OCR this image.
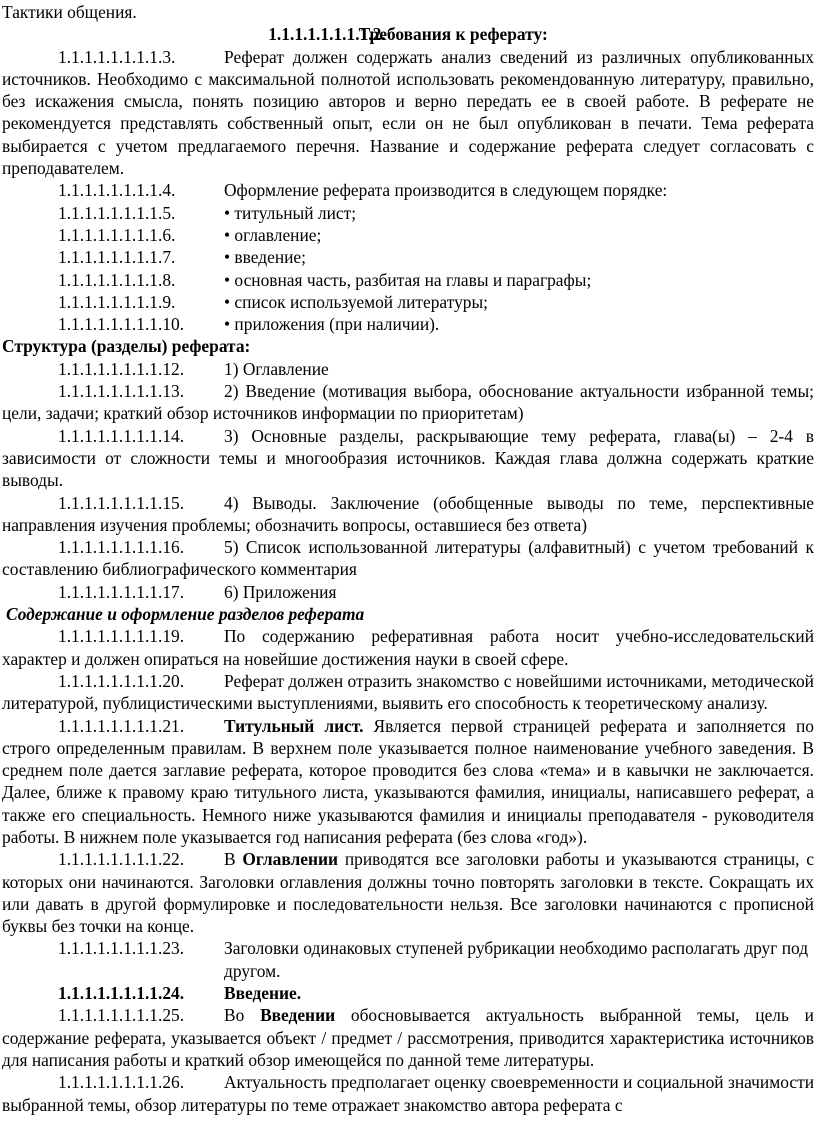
Тактики общения.

1.1.1.1.1.1.1.1.2. Требования к реферату:

1.1.1.1.1.1.1.1.3.	Реферат должен содержать анализ сведений из различных опубликованных источников. Необходимо с максимальной полнотой использовать рекомендованную литературу, правильно, без искажения смысла, понять позицию авторов и верно передать ее в своей работе. В реферате не рекомендуется представлять собственный опыт, если он не был опубликован в печати. Тема реферата выбирается с учетом предлагаемого перечня. Название и содержание реферата следует согласовать с преподавателем.

1.1.1.1.1.1.1.1.4.	Оформление реферата производится в следующем порядке:

1.1.1.1.1.1.1.1.5.	• титульный лист;

1.1.1.1.1.1.1.1.6.	• оглавление;

1.1.1.1.1.1.1.1.7.	• введение;

1.1.1.1.1.1.1.1.8.	• основная часть, разбитая на главы и параграфы;

1.1.1.1.1.1.1.1.9.	• список используемой литературы;

1.1.1.1.1.1.1.1.10. • приложения (при наличии).

Структура (разделы) реферата:

1.1.1.1.1.1.1.1.12. 1) Оглавление

1.1.1.1.1.1.1.1.13. 2) Введение (мотивация выбора, обоснование актуальности избранной темы; цели, задачи; краткий обзор источников информации по приоритетам)

1.1.1.1.1.1.1.1.14. 3) Основные разделы, раскрывающие тему реферата, глава(ы) – 2-4 в зависимости от сложности темы и многообразия источников. Каждая глава должна содержать краткие выводы.

1.1.1.1.1.1.1.1.15. 4) Выводы. Заключение (обобщенные выводы по теме, перспективные направления изучения проблемы; обозначить вопросы, оставшиеся без ответа)

1.1.1.1.1.1.1.1.16. 5) Список использованной литературы (алфавитный) с учетом требований к составлению библиографического комментария

1.1.1.1.1.1.1.1.17. 6) Приложения

Содержание и оформление разделов реферата

1.1.1.1.1.1.1.1.19. По содержанию реферативная работа носит учебно-исследовательский характер и должен опираться на новейшие достижения науки в своей сфере.

1.1.1.1.1.1.1.1.20. Реферат должен отразить знакомство с новейшими источниками, методической литературой, публицистическими выступлениями, выявить его способность к теоретическому анализу.

1.1.1.1.1.1.1.1.21. Титульный лист. Является первой страницей реферата и заполняется по строго определенным правилам. В верхнем поле указывается полное наименование учебного заведения. В среднем поле дается заглавие реферата, которое проводится без слова «тема» и в кавычки не заключается. Далее, ближе к правому краю титульного листа, указываются фамилия, инициалы, написавшего реферат, а также его специальность. Немного ниже указываются фамилия и инициалы преподавателя - руководителя работы. В нижнем поле указывается год написания реферата (без слова «год»).

1.1.1.1.1.1.1.1.22. В Оглавлении приводятся все заголовки работы и указываются страницы, с которых они начинаются. Заголовки оглавления должны точно повторять заголовки в тексте. Сокращать их или давать в другой формулировке и последовательности нельзя. Все заголовки начинаются с прописной буквы без точки на конце.

1.1.1.1.1.1.1.1.23. Заголовки одинаковых ступеней рубрикации необходимо располагать друг под другом.

1.1.1.1.1.1.1.1.24. Введение.

1.1.1.1.1.1.1.1.25. Во Введении обосновывается актуальность выбранной темы, цель и содержание реферата, указывается объект / предмет / рассмотрения, приводится характеристика источников для написания работы и краткий обзор имеющейся по данной теме литературы.

1.1.1.1.1.1.1.1.26. Актуальность предполагает оценку своевременности и социальной значимости выбранной темы, обзор литературы по теме отражает знакомство автора реферата с
